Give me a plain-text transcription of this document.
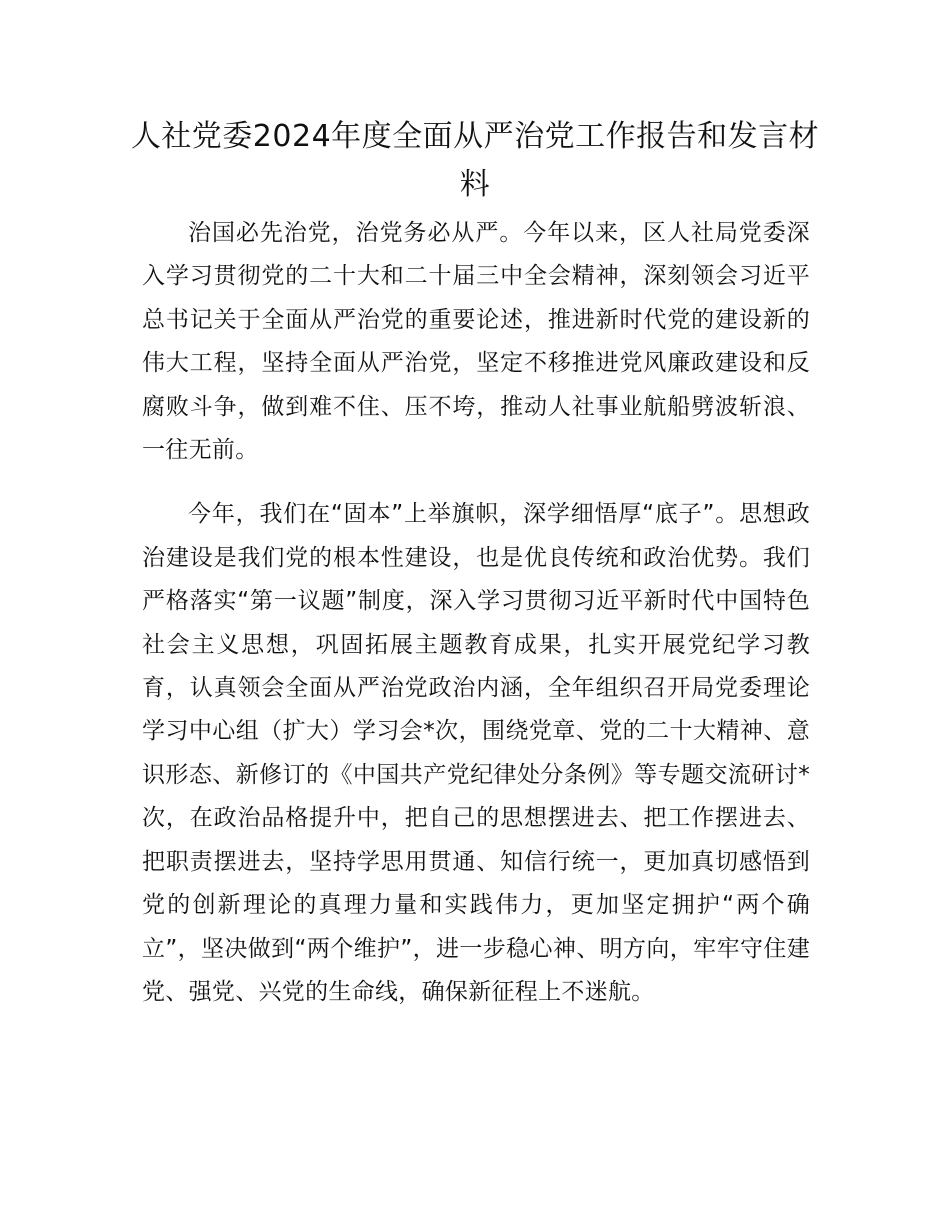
人社党委2024年度全面从严治党工作报告和发言材料

治国必先治党，治党务必从严。今年以来，区人社局党委深入学习贯彻党的二十大和二十届三中全会精神，深刻领会习近平总书记关于全面从严治党的重要论述，推进新时代党的建设新的伟大工程，坚持全面从严治党，坚定不移推进党风廉政建设和反腐败斗争，做到难不住、压不垮，推动人社事业航船劈波斩浪、一往无前。

今年，我们在“固本”上举旗帜，深学细悟厚“底子”。思想政治建设是我们党的根本性建设，也是优良传统和政治优势。我们严格落实“第一议题”制度，深入学习贯彻习近平新时代中国特色社会主义思想，巩固拓展主题教育成果，扎实开展党纪学习教育，认真领会全面从严治党政治内涵，全年组织召开局党委理论学习中心组（扩大）学习会*次，围绕党章、党的二十大精神、意识形态、新修订的《中国共产党纪律处分条例》等专题交流研讨*次，在政治品格提升中，把自己的思想摆进去、把工作摆进去、把职责摆进去，坚持学思用贯通、知信行统一，更加真切感悟到党的创新理论的真理力量和实践伟力，更加坚定拥护“两个确立”，坚决做到“两个维护”，进一步稳心神、明方向，牢牢守住建党、强党、兴党的生命线，确保新征程上不迷航。
